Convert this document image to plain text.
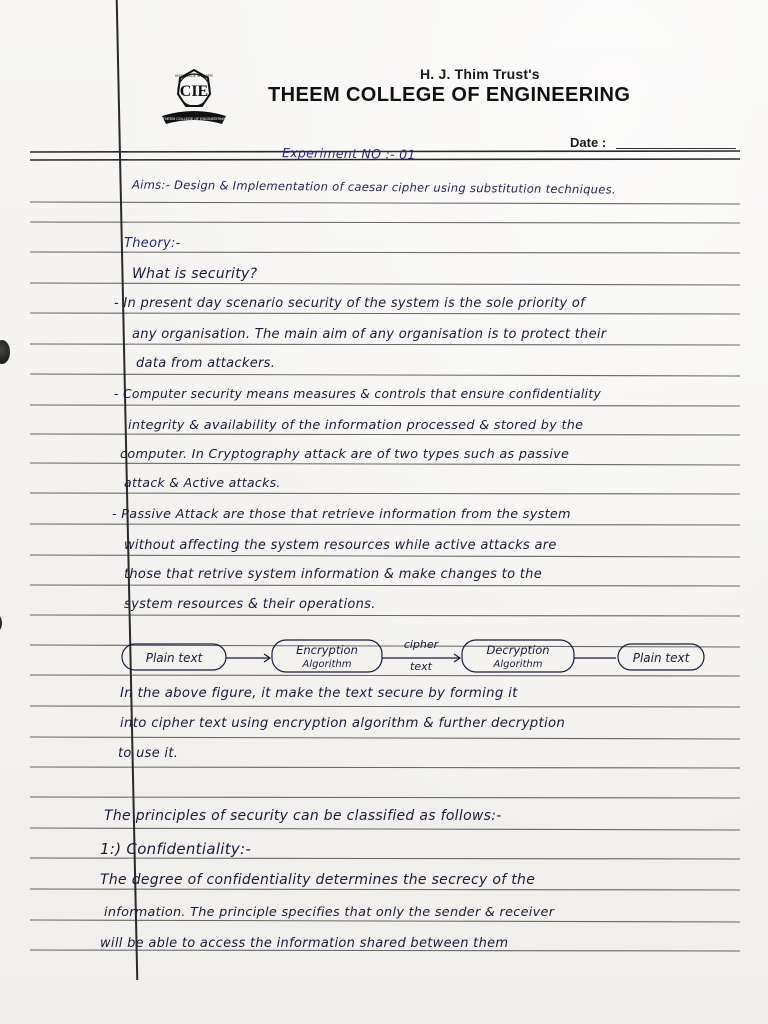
CIE
THEEM COLLEGE OF ENGINEERING
KNOWLEDGE IS POWER	H. J. Thim Trust's
THEEM COLLEGE OF ENGINEERING
Date :
Experiment NO :- 01
Aims:- Design & Implementation of caesar cipher using substitution techniques.
Theory:-
What is security?
- In present day scenario security of the system is the sole priority of
any organisation. The main aim of any organisation is to protect their
data from attackers.
- Computer security means measures & controls that ensure confidentiality
integrity & availability of the information processed & stored by the
computer. In Cryptography attack are of two types such as passive
attack & Active attacks.
- Passive Attack are those that retrieve information from the system
without affecting the system resources while active attacks are
those that retrive system information & make changes to the
system resources & their operations.
Plain text
Encryption
Algorithm
cipher
text
Decryption
Algorithm	Plain text
In the above figure, it make the text secure by forming it
into cipher text using encryption algorithm & further decryption
to use it.
The principles of security can be classified as follows:-
1:) Confidentiality:-
The degree of confidentiality determines the secrecy of the
information. The principle specifies that only the sender & receiver
will be able to access the information shared between them
